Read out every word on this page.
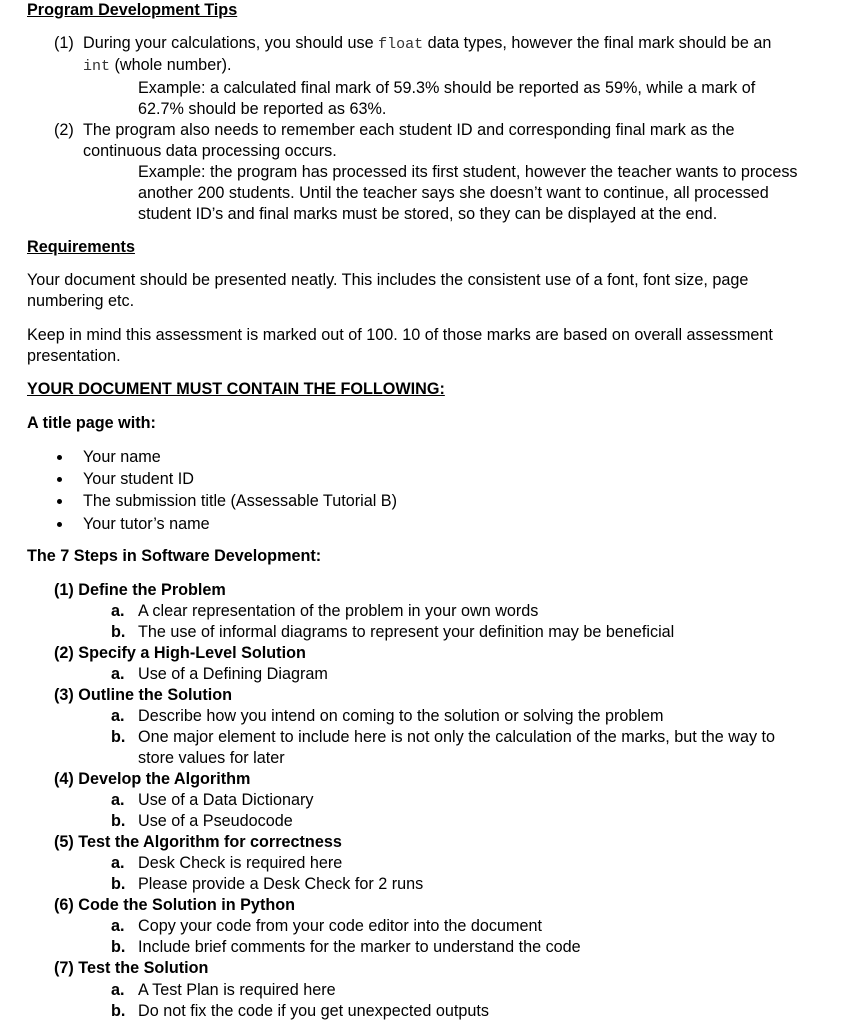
Program Development Tips
(1) During your calculations, you should use float data types, however the final mark should be an
int (whole number).
Example: a calculated final mark of 59.3% should be reported as 59%, while a mark of
62.7% should be reported as 63%.
(2) The program also needs to remember each student ID and corresponding final mark as the
continuous data processing occurs.
Example: the program has processed its first student, however the teacher wants to process
another 200 students. Until the teacher says she doesn’t want to continue, all processed
student ID’s and final marks must be stored, so they can be displayed at the end.
Requirements
Your document should be presented neatly. This includes the consistent use of a font, font size, page
numbering etc.
Keep in mind this assessment is marked out of 100. 10 of those marks are based on overall assessment
presentation.
YOUR DOCUMENT MUST CONTAIN THE FOLLOWING:
A title page with:
Your name
Your student ID
The submission title (Assessable Tutorial B)
Your tutor’s name
The 7 Steps in Software Development:
(1) Define the Problem
a. A clear representation of the problem in your own words
b. The use of informal diagrams to represent your definition may be beneficial
(2) Specify a High-Level Solution
a. Use of a Defining Diagram
(3) Outline the Solution
a. Describe how you intend on coming to the solution or solving the problem
b. One major element to include here is not only the calculation of the marks, but the way to
store values for later
(4) Develop the Algorithm
a. Use of a Data Dictionary
b. Use of a Pseudocode
(5) Test the Algorithm for correctness
a. Desk Check is required here
b. Please provide a Desk Check for 2 runs
(6) Code the Solution in Python
a. Copy your code from your code editor into the document
b. Include brief comments for the marker to understand the code
(7) Test the Solution
a. A Test Plan is required here
b. Do not fix the code if you get unexpected outputs
